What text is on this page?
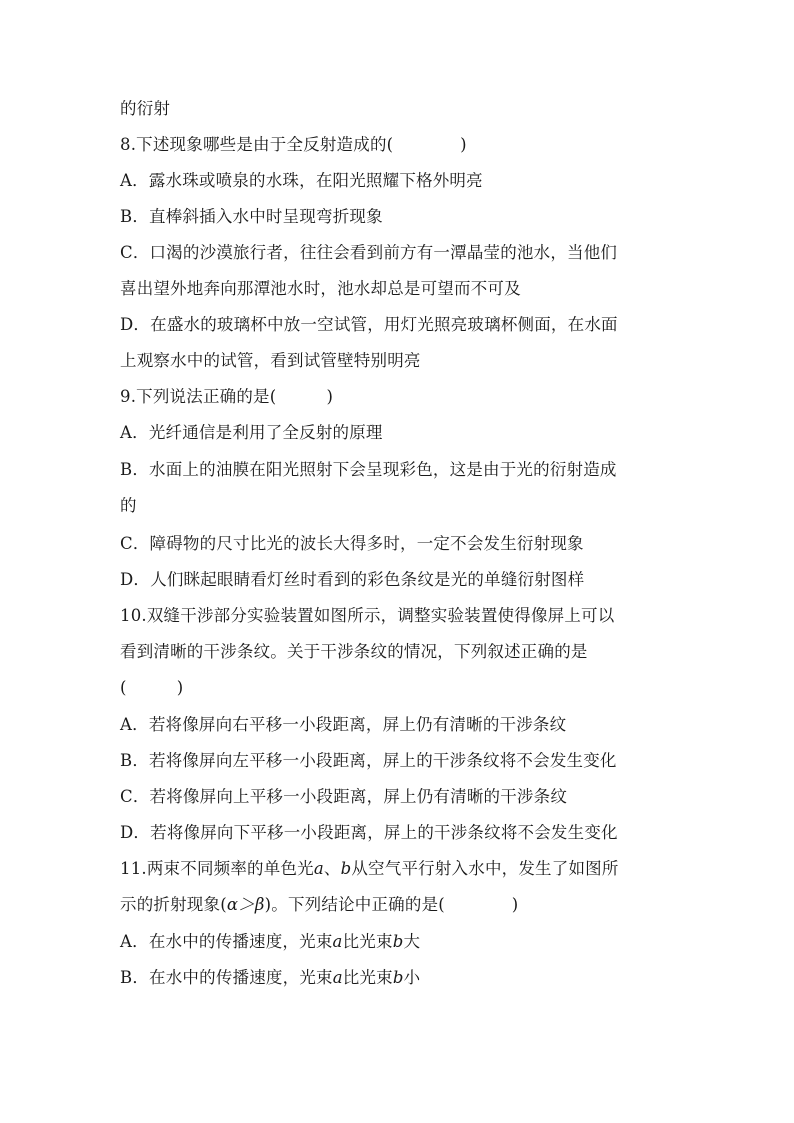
的衍射
8.下述现象哪些是由于全反射造成的(　　　　)
A．露水珠或喷泉的水珠，在阳光照耀下格外明亮
B．直棒斜插入水中时呈现弯折现象
C．口渴的沙漠旅行者，往往会看到前方有一潭晶莹的池水，当他们
喜出望外地奔向那潭池水时，池水却总是可望而不可及
D．在盛水的玻璃杯中放一空试管，用灯光照亮玻璃杯侧面，在水面
上观察水中的试管，看到试管壁特别明亮
9.下列说法正确的是(　　　)
A．光纤通信是利用了全反射的原理
B．水面上的油膜在阳光照射下会呈现彩色，这是由于光的衍射造成
的
C．障碍物的尺寸比光的波长大得多时，一定不会发生衍射现象
D．人们眯起眼睛看灯丝时看到的彩色条纹是光的单缝衍射图样
10.双缝干涉部分实验装置如图所示，调整实验装置使得像屏上可以
看到清晰的干涉条纹。关于干涉条纹的情况，下列叙述正确的是
(　　　)
A．若将像屏向右平移一小段距离，屏上仍有清晰的干涉条纹
B．若将像屏向左平移一小段距离，屏上的干涉条纹将不会发生变化
C．若将像屏向上平移一小段距离，屏上仍有清晰的干涉条纹
D．若将像屏向下平移一小段距离，屏上的干涉条纹将不会发生变化
11.两束不同频率的单色光a、b从空气平行射入水中，发生了如图所
示的折射现象(α＞β)。下列结论中正确的是(　　　　)
A．在水中的传播速度，光束a比光束b大
B．在水中的传播速度，光束a比光束b小
